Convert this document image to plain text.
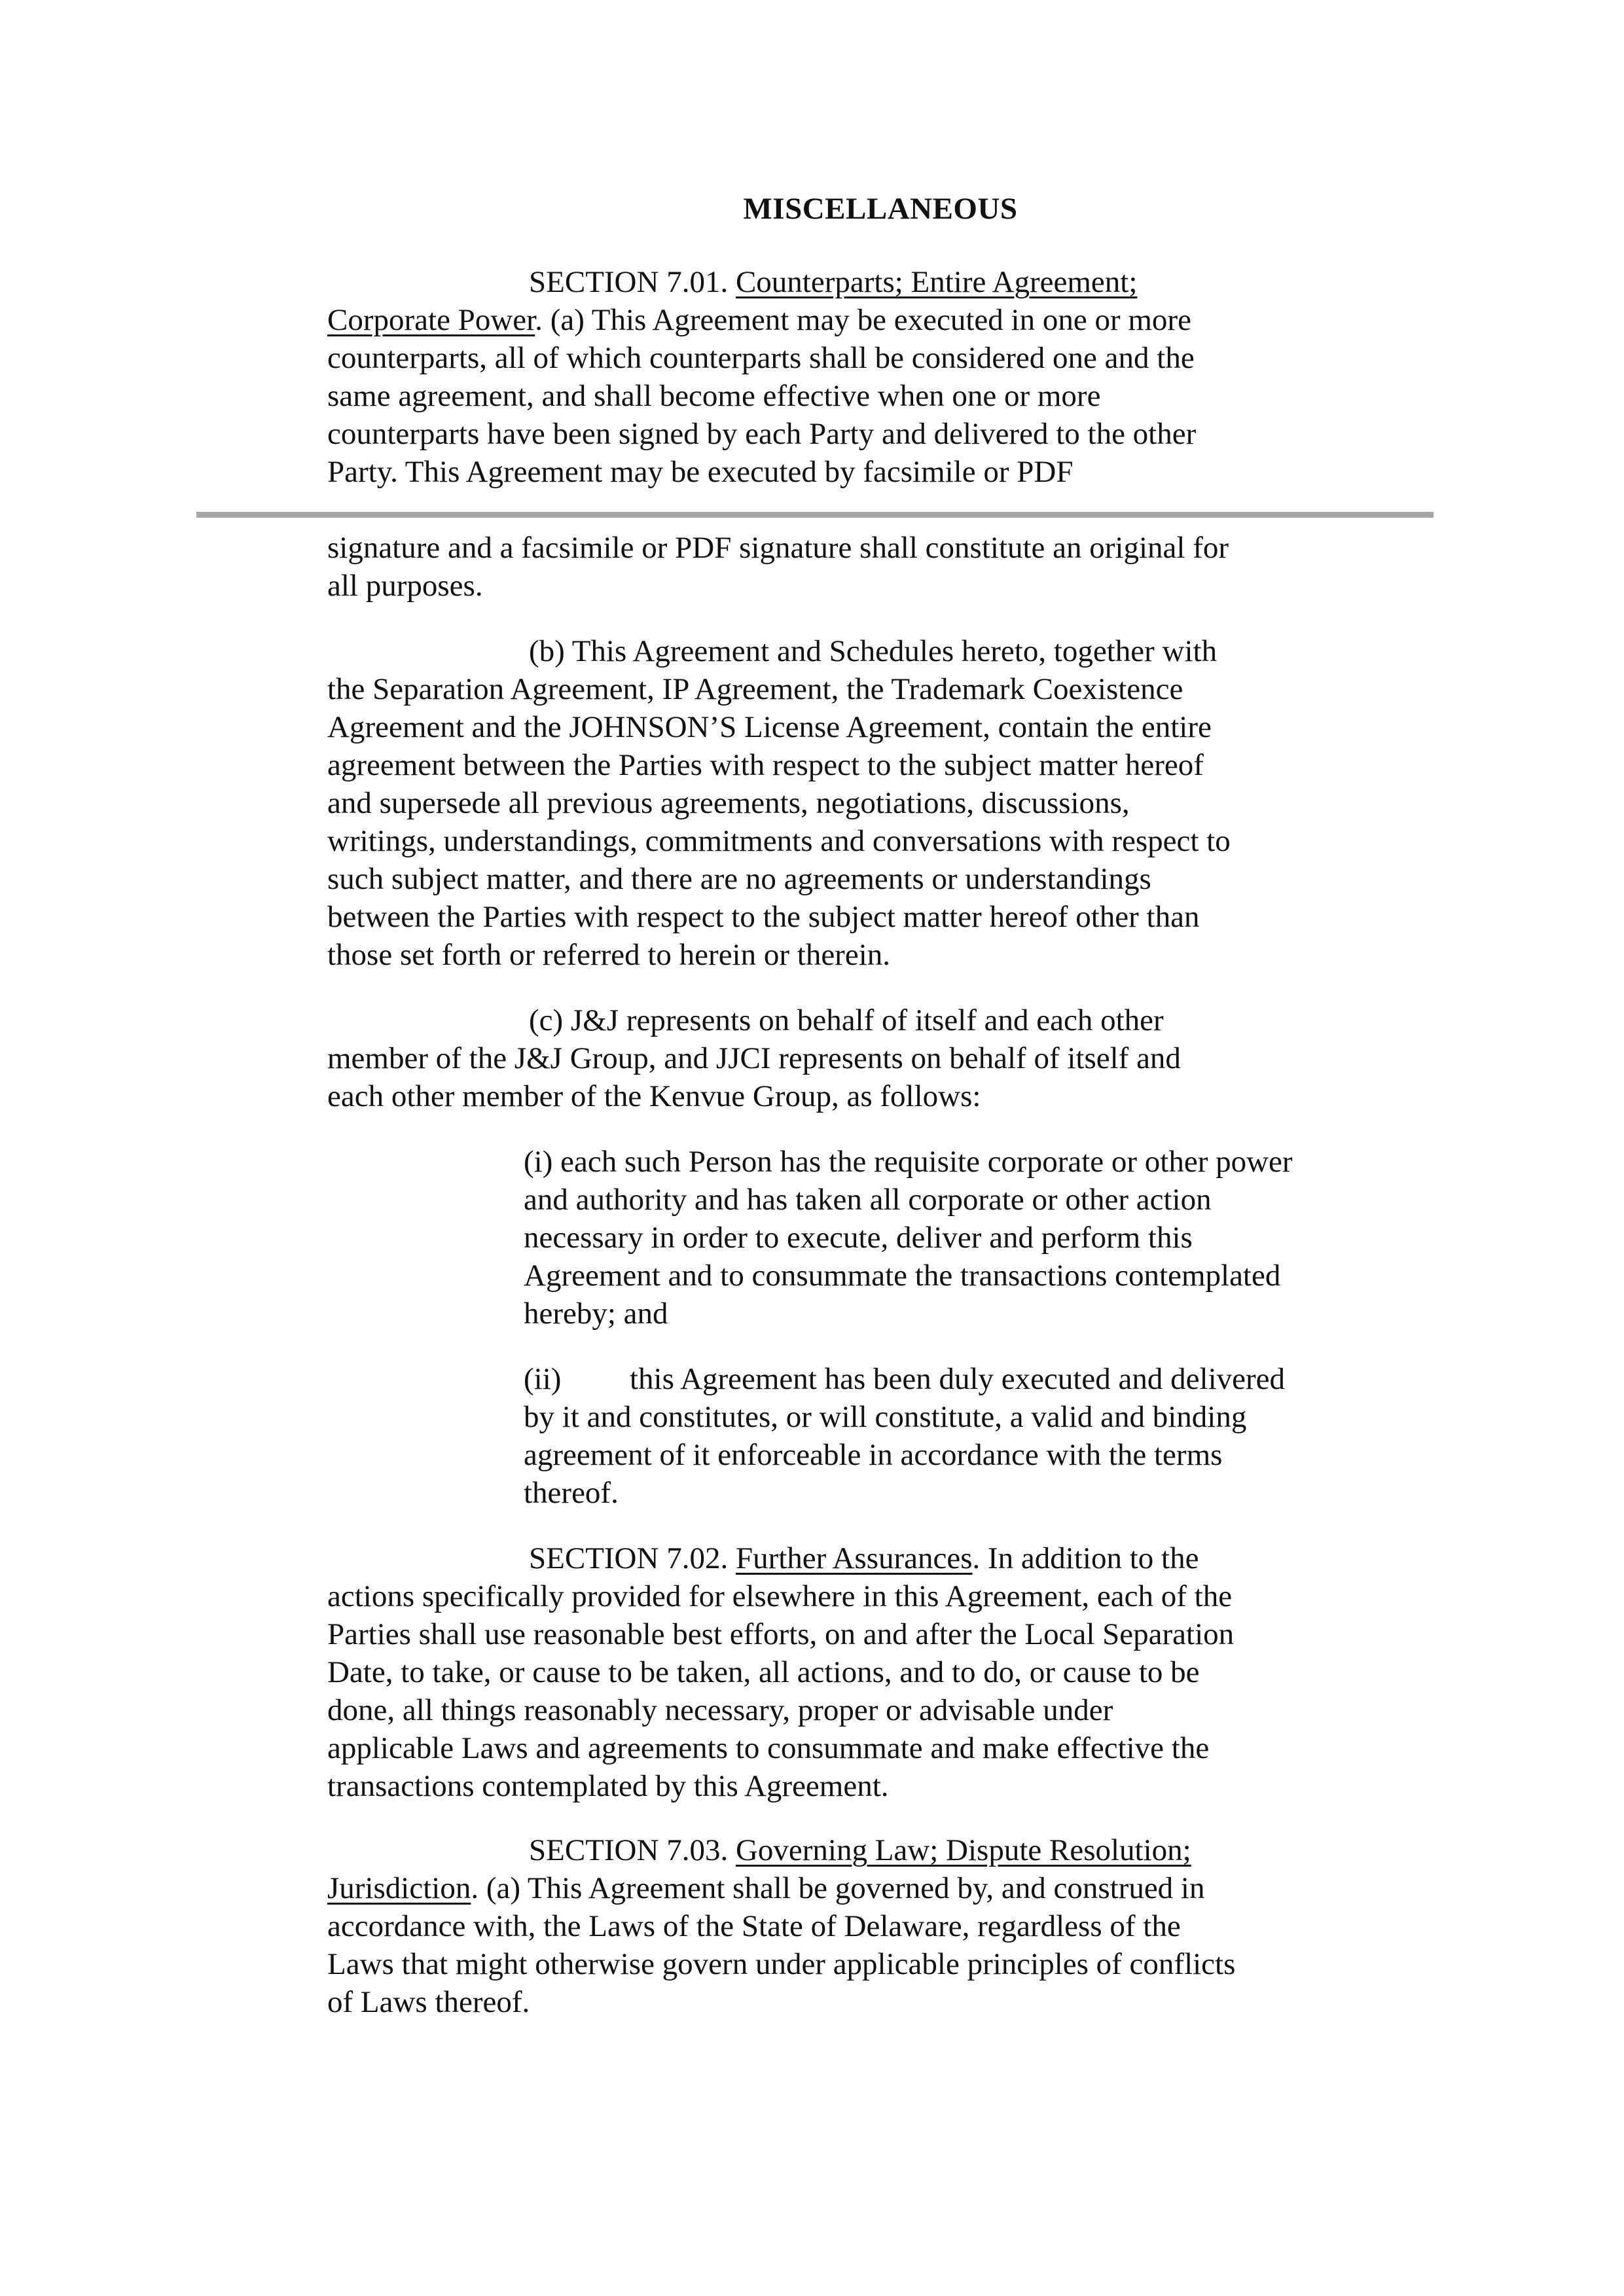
MISCELLANEOUS
SECTION 7.01. Counterparts; Entire Agreement;
Corporate Power. (a) This Agreement may be executed in one or more
counterparts, all of which counterparts shall be considered one and the
same agreement, and shall become effective when one or more
counterparts have been signed by each Party and delivered to the other
Party. This Agreement may be executed by facsimile or PDF
signature and a facsimile or PDF signature shall constitute an original for
all purposes.
(b) This Agreement and Schedules hereto, together with
the Separation Agreement, IP Agreement, the Trademark Coexistence
Agreement and the JOHNSON’S License Agreement, contain the entire
agreement between the Parties with respect to the subject matter hereof
and supersede all previous agreements, negotiations, discussions,
writings, understandings, commitments and conversations with respect to
such subject matter, and there are no agreements or understandings
between the Parties with respect to the subject matter hereof other than
those set forth or referred to herein or therein.
(c) J&J represents on behalf of itself and each other
member of the J&J Group, and JJCI represents on behalf of itself and
each other member of the Kenvue Group, as follows:
(i) each such Person has the requisite corporate or other power
and authority and has taken all corporate or other action
necessary in order to execute, deliver and perform this
Agreement and to consummate the transactions contemplated
hereby; and
(ii) this Agreement has been duly executed and delivered
by it and constitutes, or will constitute, a valid and binding
agreement of it enforceable in accordance with the terms
thereof.
SECTION 7.02. Further Assurances. In addition to the
actions specifically provided for elsewhere in this Agreement, each of the
Parties shall use reasonable best efforts, on and after the Local Separation
Date, to take, or cause to be taken, all actions, and to do, or cause to be
done, all things reasonably necessary, proper or advisable under
applicable Laws and agreements to consummate and make effective the
transactions contemplated by this Agreement.
SECTION 7.03. Governing Law; Dispute Resolution;
Jurisdiction. (a) This Agreement shall be governed by, and construed in
accordance with, the Laws of the State of Delaware, regardless of the
Laws that might otherwise govern under applicable principles of conflicts
of Laws thereof.
